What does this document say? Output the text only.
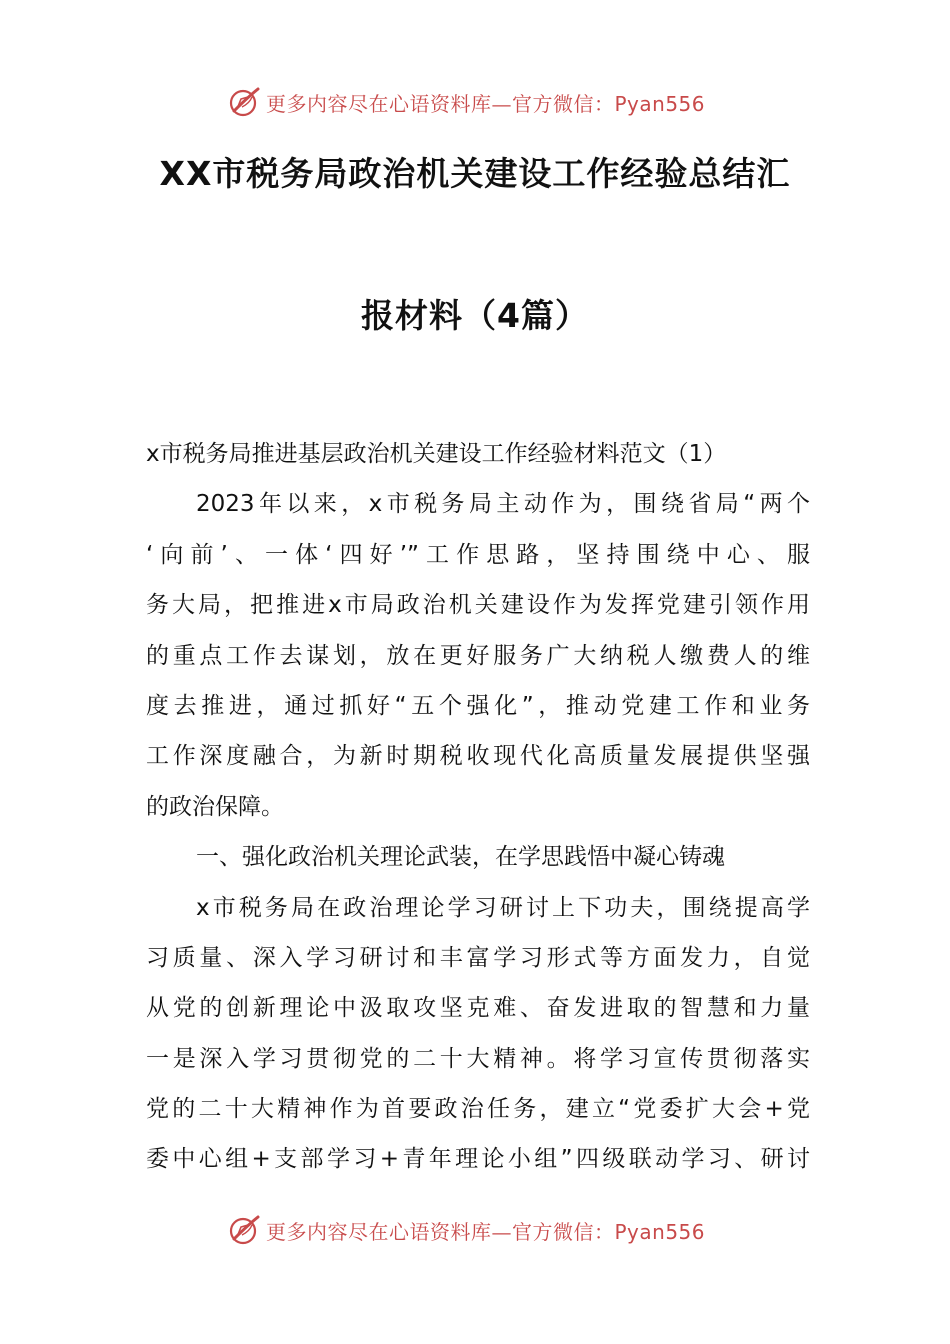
更多内容尽在心语资料库—官方微信：Pyan556
XX市税务局政治机关建设工作经验总结汇
报材料（4篇）
x市税务局推进基层政治机关建设工作经验材料范文（1）
2023年以来，x市税务局主动作为，围绕省局“两个
‘向前’、一体‘四好’”工作思路，坚持围绕中心、服
务大局，把推进x市局政治机关建设作为发挥党建引领作用
的重点工作去谋划，放在更好服务广大纳税人缴费人的维
度去推进，通过抓好“五个强化”，推动党建工作和业务
工作深度融合，为新时期税收现代化高质量发展提供坚强
的政治保障。
一、强化政治机关理论武装，在学思践悟中凝心铸魂
x市税务局在政治理论学习研讨上下功夫，围绕提高学
习质量、深入学习研讨和丰富学习形式等方面发力，自觉
从党的创新理论中汲取攻坚克难、奋发进取的智慧和力量
一是深入学习贯彻党的二十大精神。将学习宣传贯彻落实
党的二十大精神作为首要政治任务，建立“党委扩大会+党
委中心组+支部学习+青年理论小组”四级联动学习、研讨
更多内容尽在心语资料库—官方微信：Pyan556
